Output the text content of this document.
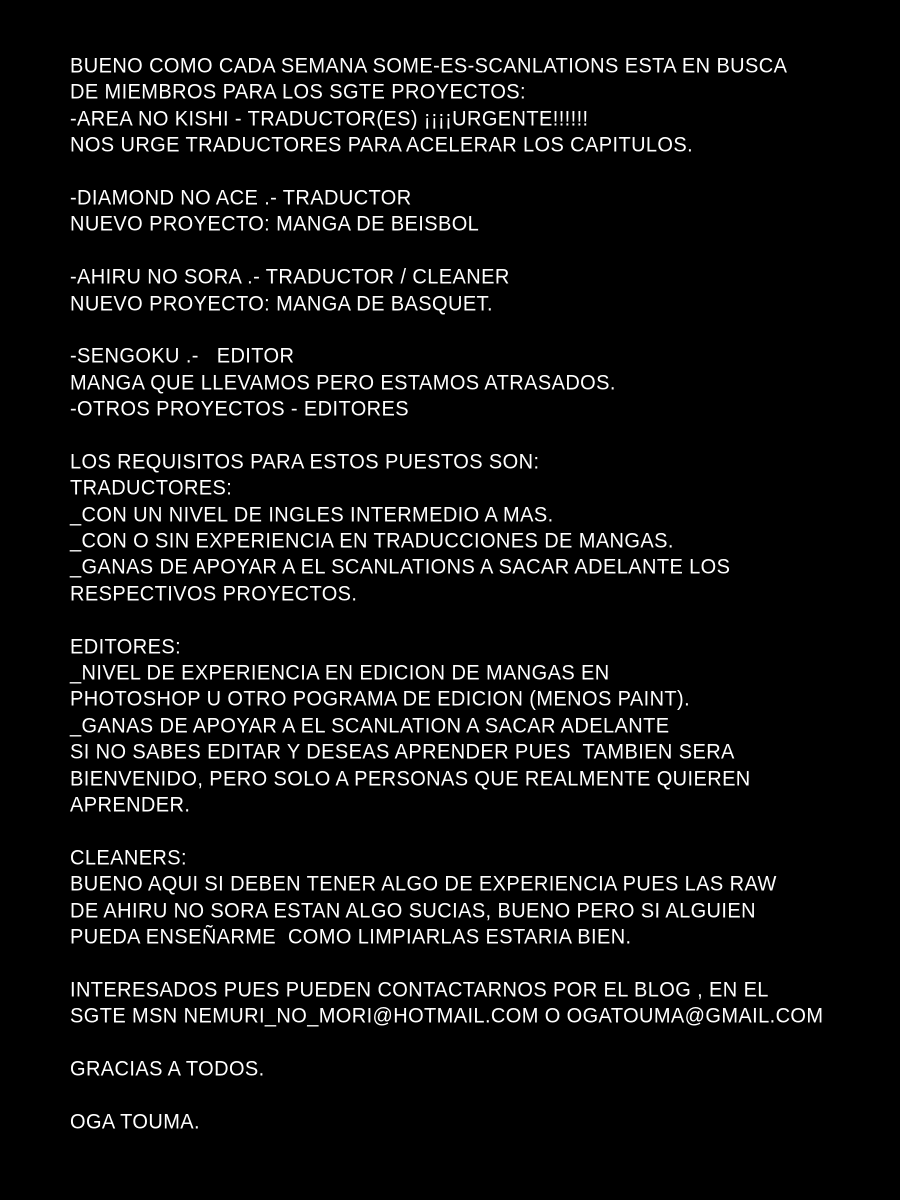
BUENO COMO CADA SEMANA SOME-ES-SCANLATIONS ESTA EN BUSCA
DE MIEMBROS PARA LOS SGTE PROYECTOS:
-AREA NO KISHI - TRADUCTOR(ES) ¡¡¡¡URGENTE!!!!!!
NOS URGE TRADUCTORES PARA ACELERAR LOS CAPITULOS.
-DIAMOND NO ACE .- TRADUCTOR
NUEVO PROYECTO: MANGA DE BEISBOL
-AHIRU NO SORA .- TRADUCTOR / CLEANER
NUEVO PROYECTO: MANGA DE BASQUET.
-SENGOKU .-   EDITOR
MANGA QUE LLEVAMOS PERO ESTAMOS ATRASADOS.
-OTROS PROYECTOS - EDITORES
LOS REQUISITOS PARA ESTOS PUESTOS SON:
TRADUCTORES:
_CON UN NIVEL DE INGLES INTERMEDIO A MAS.
_CON O SIN EXPERIENCIA EN TRADUCCIONES DE MANGAS.
_GANAS DE APOYAR A EL SCANLATIONS A SACAR ADELANTE LOS
RESPECTIVOS PROYECTOS.
EDITORES:
_NIVEL DE EXPERIENCIA EN EDICION DE MANGAS EN
PHOTOSHOP U OTRO POGRAMA DE EDICION (MENOS PAINT).
_GANAS DE APOYAR A EL SCANLATION A SACAR ADELANTE
SI NO SABES EDITAR Y DESEAS APRENDER PUES  TAMBIEN SERA
BIENVENIDO, PERO SOLO A PERSONAS QUE REALMENTE QUIEREN
APRENDER.
CLEANERS:
BUENO AQUI SI DEBEN TENER ALGO DE EXPERIENCIA PUES LAS RAW
DE AHIRU NO SORA ESTAN ALGO SUCIAS, BUENO PERO SI ALGUIEN
PUEDA ENSEÑARME  COMO LIMPIARLAS ESTARIA BIEN.
INTERESADOS PUES PUEDEN CONTACTARNOS POR EL BLOG , EN EL
SGTE MSN NEMURI_NO_MORI@HOTMAIL.COM O OGATOUMA@GMAIL.COM
GRACIAS A TODOS.
OGA TOUMA.
